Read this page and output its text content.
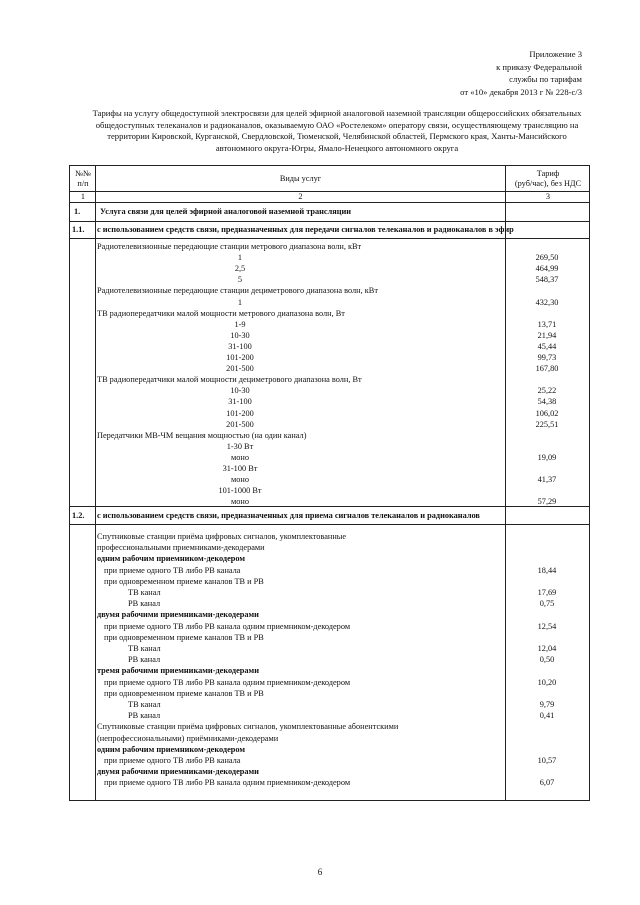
Приложение 3
к приказу Федеральной
службы по тарифам
от «10» декабря 2013 г № 228-с/3
Тарифы на услугу общедоступной электросвязи для целей эфирной аналоговой наземной трансляции общероссийских обязательных
общедоступных телеканалов и радиоканалов, оказываемую ОАО «Ростелеком» оператору связи, осуществляющему трансляцию на
территории Кировской, Курганской, Свердловской, Тюменской, Челябинской областей, Пермского края, Ханты-Мансийского
автономного округа-Югры, Ямало-Ненецкого автономного округа
№№
п/п
Виды услуг
Тариф
(руб/час), без НДС
1	2	3
1. Услуга связи для целей эфирной аналоговой наземной трансляции
1.1. с использованием средств связи, предназначенных для передачи сигналов телеканалов и радиоканалов в эфир
Радиотелевизионные передающие станции метрового диапазона волн, кВт
1	269,50
2,5	464,99
5	548,37
Радиотелевизионные передающие станции дециметрового диапазона волн, кВт
1	432,30
ТВ радиопередатчики малой мощности метрового диапазона волн, Вт
1-9	13,71
10-30	21,94
31-100	45,44
101-200	99,73
201-500	167,80
ТВ радиопередатчики малой мощности дециметрового диапазона волн, Вт
10-30	25,22
31-100	54,38
101-200	106,02
201-500	225,51
Передатчики МВ-ЧМ вещания мощностью (на один канал)
1-30 Вт
моно	19,09
31-100 Вт
моно	41,37
101-1000 Вт
моно	57,29
1.2. с использованием средств связи, предназначенных для приема сигналов телеканалов и радиоканалов
Спутниковые станции приёма цифровых сигналов, укомплектованные
профессиональными приемниками-декодерами
одним рабочим приемником-декодером
при приеме одного ТВ либо РВ канала	18,44
при одновременном приеме каналов ТВ и РВ
ТВ канал	17,69
РВ канал	0,75
двумя рабочими приемниками-декодерами
при приеме одного ТВ либо РВ канала одним приемником-декодером	12,54
при одновременном приеме каналов ТВ и РВ
ТВ канал	12,04
РВ канал	0,50
тремя рабочими приемниками-декодерами
при приеме одного ТВ либо РВ канала одним приемником-декодером	10,20
при одновременном приеме каналов ТВ и РВ
ТВ канал	9,79
РВ канал	0,41
Спутниковые станции приёма цифровых сигналов, укомплектованные абонентскими
(непрофессиональными) приёмниками-декодерами
одним рабочим приемником-декодером
при приеме одного ТВ либо РВ канала	10,57
двумя рабочими приемниками-декодерами
при приеме одного ТВ либо РВ канала одним приемником-декодером	6,07
6
